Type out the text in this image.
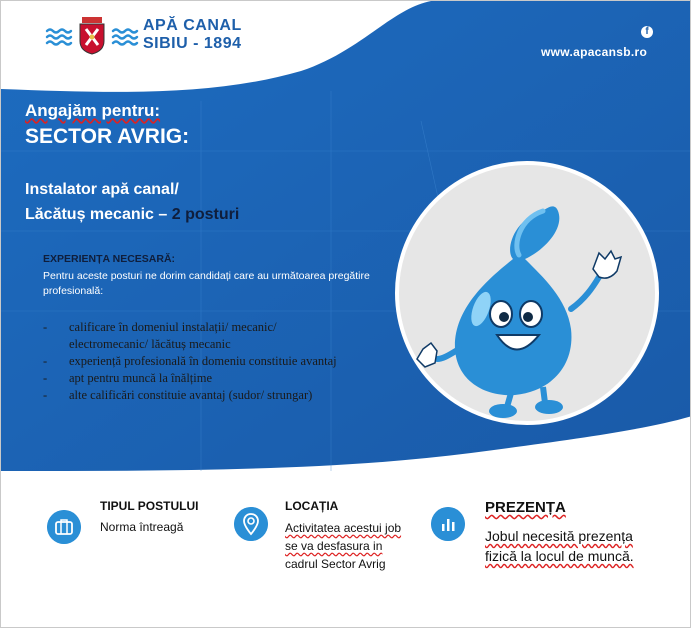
APĂ CANAL
SIBIU - 1894
f
www.apacansb.ro
Angajăm pentru:
SECTOR AVRIG:
Instalator apă canal/
Lăcătuș mecanic – 2 posturi
EXPERIENȚA NECESARĂ:
Pentru aceste posturi ne dorim candidați care au următoarea pregătire profesională:
-	calificare în domeniul instalații/ mecanic/
electromecanic/ lăcătuș mecanic
-	experiență profesională în domeniu constituie avantaj
-	apt pentru muncă la înălțime
-	alte calificări constituie avantaj (sudor/ strungar)
TIPUL POSTULUI
Norma întreagă
LOCAȚIA
Activitatea acestui job
se va desfasura in
cadrul Sector Avrig
PREZENȚA
Jobul necesită prezența
fizică la locul de muncă.
